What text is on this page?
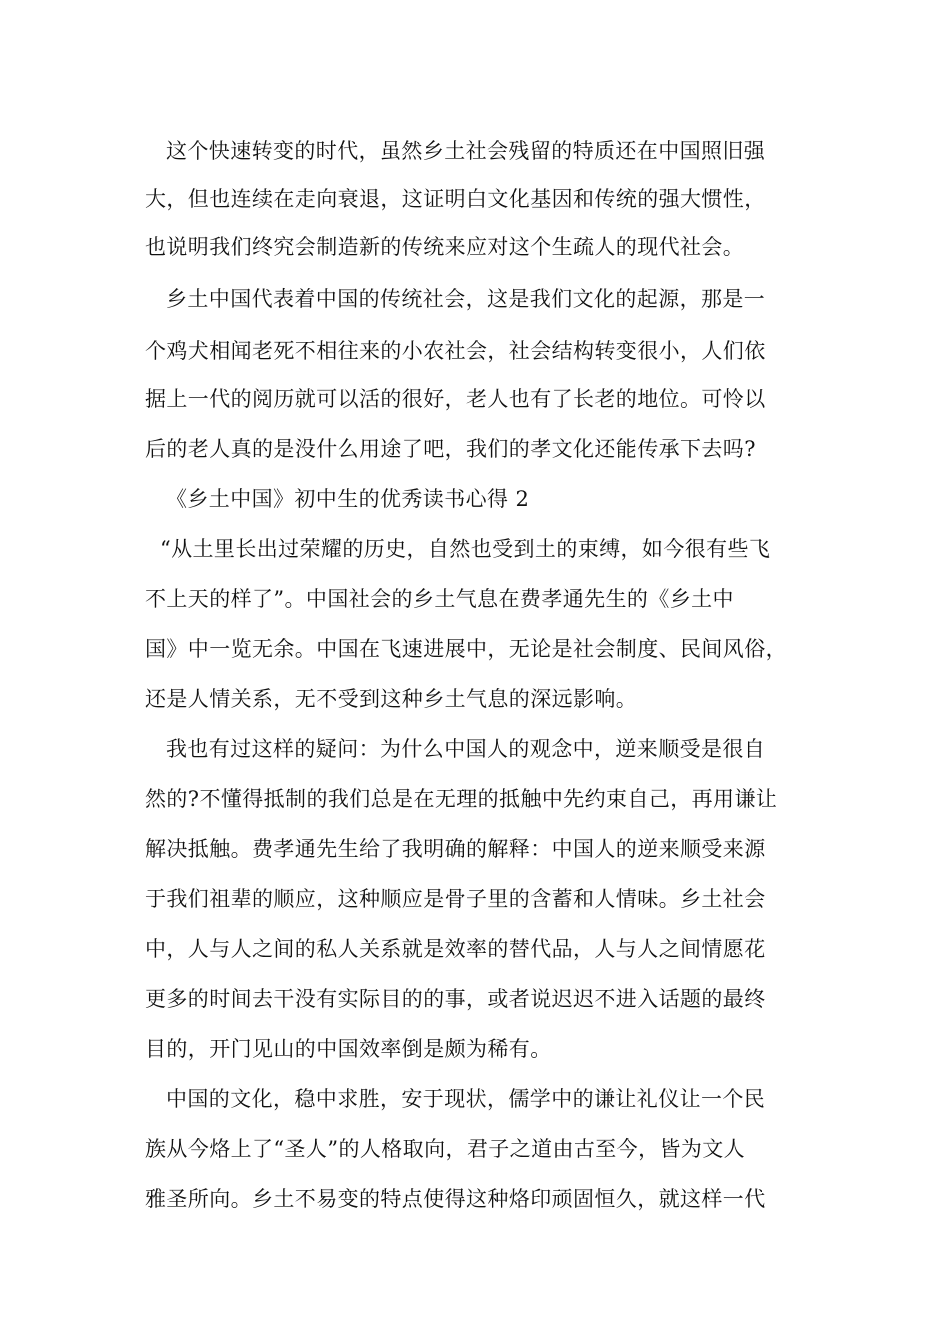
这个快速转变的时代，虽然乡土社会残留的特质还在中国照旧强
大，但也连续在走向衰退，这证明白文化基因和传统的强大惯性，
也说明我们终究会制造新的传统来应对这个生疏人的现代社会。
乡土中国代表着中国的传统社会，这是我们文化的起源，那是一
个鸡犬相闻老死不相往来的小农社会，社会结构转变很小，人们依
据上一代的阅历就可以活的很好，老人也有了长老的地位。可怜以
后的老人真的是没什么用途了吧，我们的孝文化还能传承下去吗?
《乡土中国》初中生的优秀读书心得 2
“从土里长出过荣耀的历史，自然也受到土的束缚，如今很有些飞
不上天的样了”。中国社会的乡土气息在费孝通先生的《乡土中
国》中一览无余。中国在飞速进展中，无论是社会制度、民间风俗，
还是人情关系，无不受到这种乡土气息的深远影响。
我也有过这样的疑问：为什么中国人的观念中，逆来顺受是很自
然的?不懂得抵制的我们总是在无理的抵触中先约束自己，再用谦让
解决抵触。费孝通先生给了我明确的解释：中国人的逆来顺受来源
于我们祖辈的顺应，这种顺应是骨子里的含蓄和人情味。乡土社会
中，人与人之间的私人关系就是效率的替代品，人与人之间情愿花
更多的时间去干没有实际目的的事，或者说迟迟不进入话题的最终
目的，开门见山的中国效率倒是颇为稀有。
中国的文化，稳中求胜，安于现状，儒学中的谦让礼仪让一个民
族从今烙上了“圣人”的人格取向，君子之道由古至今，皆为文人
雅圣所向。乡土不易变的特点使得这种烙印顽固恒久，就这样一代
